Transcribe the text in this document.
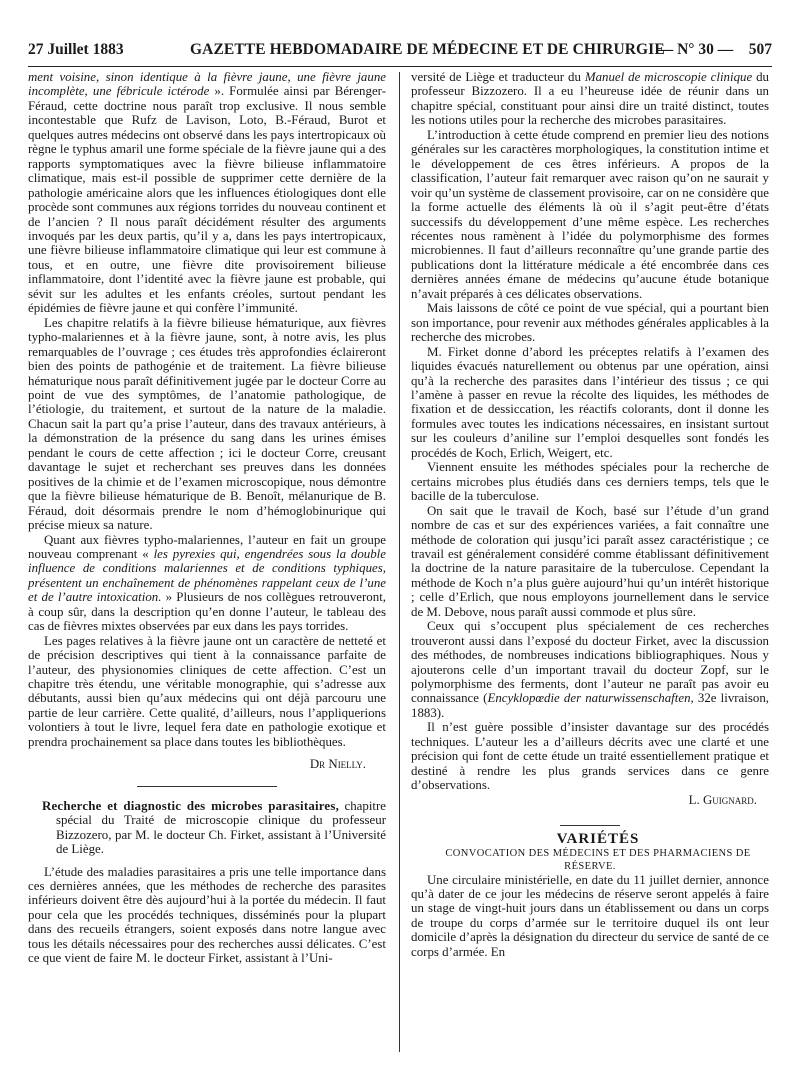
27 Juillet 1883	GAZETTE HEBDOMADAIRE DE MÉDECINE ET DE CHIRURGIE
— N° 30 — 507

ment voisine, sinon identique à la fièvre jaune, une fièvre jaune incomplète, une fébricule ictérode ». Formulée ainsi par Bérenger-Féraud, cette doctrine nous paraît trop exclusive. Il nous semble incontestable que Rufz de Lavison, Loto, B.-Féraud, Burot et quelques autres médecins ont observé dans les pays intertropicaux où règne le typhus amaril une forme spéciale de la fièvre jaune qui a des rapports symptomatiques avec la fièvre bilieuse inflammatoire climatique, mais est-il possible de supprimer cette dernière de la pathologie américaine alors que les influences étiologiques dont elle procède sont communes aux régions torrides du nouveau continent et de l’ancien ? Il nous paraît décidément résulter des arguments invoqués par les deux partis, qu’il y a, dans les pays intertropicaux, une fièvre bilieuse inflammatoire climatique qui leur est commune à tous, et en outre, une fièvre dite provisoirement bilieuse inflammatoire, dont l’identité avec la fièvre jaune est probable, qui sévit sur les adultes et les enfants créoles, surtout pendant les épidémies de fièvre jaune et qui confère l’immunité.

Les chapitre relatifs à la fièvre bilieuse hématurique, aux fièvres typho-malariennes et à la fièvre jaune, sont, à notre avis, les plus remarquables de l’ouvrage ; ces études très approfondies éclaireront bien des points de pathogénie et de traitement. La fièvre bilieuse hématurique nous paraît définitivement jugée par le docteur Corre au point de vue des symptômes, de l’anatomie pathologique, de l’étiologie, du traitement, et surtout de la nature de la maladie. Chacun sait la part qu’a prise l’auteur, dans des travaux antérieurs, à la démonstration de la présence du sang dans les urines émises pendant le cours de cette affection ; ici le docteur Corre, creusant davantage le sujet et recherchant ses preuves dans les données positives de la chimie et de l’examen microscopique, nous démontre que la fièvre bilieuse hématurique de B. Benoît, mélanurique de B. Féraud, doit désormais prendre le nom d’hémoglobinurique qui précise mieux sa nature.

Quant aux fièvres typho-malariennes, l’auteur en fait un groupe nouveau comprenant « les pyrexies qui, engendrées sous la double influence de conditions malariennes et de conditions typhiques, présentent un enchaînement de phénomènes rappelant ceux de l’une et de l’autre intoxication. » Plusieurs de nos collègues retrouveront, à coup sûr, dans la description qu’en donne l’auteur, le tableau des cas de fièvres mixtes observées par eux dans les pays torrides.

Les pages relatives à la fièvre jaune ont un caractère de netteté et de précision descriptives qui tient à la connaissance parfaite de l’auteur, des physionomies cliniques de cette affection. C’est un chapitre très étendu, une véritable monographie, qui s’adresse aux débutants, aussi bien qu’aux médecins qui ont déjà parcouru une partie de leur carrière. Cette qualité, d’ailleurs, nous l’appliquerions volontiers à tout le livre, lequel fera date en pathologie exotique et prendra prochainement sa place dans toutes les bibliothèques.

Dr Nielly.

Recherche et diagnostic des microbes parasitaires, chapitre spécial du Traité de microscopie clinique du professeur Bizzozero, par M. le docteur Ch. Firket, assistant à l’Université de Liège.

L’étude des maladies parasitaires a pris une telle importance dans ces dernières années, que les méthodes de recherche des parasites inférieurs doivent être dès aujourd’hui à la portée du médecin. Il faut pour cela que les procédés techniques, disséminés pour la plupart dans des recueils étrangers, soient exposés dans notre langue avec tous les détails nécessaires pour des recherches aussi délicates. C’est ce que vient de faire M. le docteur Firket, assistant à l’Uni-

versité de Liège et traducteur du Manuel de microscopie clinique du professeur Bizzozero. Il a eu l’heureuse idée de réunir dans un chapitre spécial, constituant pour ainsi dire un traité distinct, toutes les notions utiles pour la recherche des microbes parasitaires.

L’introduction à cette étude comprend en premier lieu des notions générales sur les caractères morphologiques, la constitution intime et le développement de ces êtres inférieurs. A propos de la classification, l’auteur fait remarquer avec raison qu’on ne saurait y voir qu’un système de classement provisoire, car on ne considère que la forme actuelle des éléments là où il s’agit peut-être d’états successifs du développement d’une même espèce. Les recherches récentes nous ramènent à l’idée du polymorphisme des formes microbiennes. Il faut d’ailleurs reconnaître qu’une grande partie des publications dont la littérature médicale a été encombrée dans ces dernières années émane de médecins qu’aucune étude botanique n’avait préparés à ces délicates observations.

Mais laissons de côté ce point de vue spécial, qui a pourtant bien son importance, pour revenir aux méthodes générales applicables à la recherche des microbes.

M. Firket donne d’abord les préceptes relatifs à l’examen des liquides évacués naturellement ou obtenus par une opération, ainsi qu’à la recherche des parasites dans l’intérieur des tissus ; ce qui l’amène à passer en revue la récolte des liquides, les méthodes de fixation et de dessiccation, les réactifs colorants, dont il donne les formules avec toutes les indications nécessaires, en insistant surtout sur les couleurs d’aniline sur l’emploi desquelles sont fondés les procédés de Koch, Erlich, Weigert, etc.

Viennent ensuite les méthodes spéciales pour la recherche de certains microbes plus étudiés dans ces derniers temps, tels que le bacille de la tuberculose.

On sait que le travail de Koch, basé sur l’étude d’un grand nombre de cas et sur des expériences variées, a fait connaître une méthode de coloration qui jusqu’ici paraît assez caractéristique ; ce travail est généralement considéré comme établissant définitivement la doctrine de la nature parasitaire de la tuberculose. Cependant la méthode de Koch n’a plus guère aujourd’hui qu’un intérêt historique ; celle d’Erlich, que nous employons journellement dans le service de M. Debove, nous paraît aussi commode et plus sûre.

Ceux qui s’occupent plus spécialement de ces recherches trouveront aussi dans l’exposé du docteur Firket, avec la discussion des méthodes, de nombreuses indications bibliographiques. Nous y ajouterons celle d’un important travail du docteur Zopf, sur le polymorphisme des ferments, dont l’auteur ne paraît pas avoir eu connaissance (Encyklopœdie der naturwissenschaften, 32e livraison, 1883).

Il n’est guère possible d’insister davantage sur des procédés techniques. L’auteur les a d’ailleurs décrits avec une clarté et une précision qui font de cette étude un traité essentiellement pratique et destiné à rendre les plus grands services dans ce genre d’observations.

L. Guignard.

VARIÉTÉS

CONVOCATION DES MÉDECINS ET DES PHARMACIENS DE RÉSERVE.

Une circulaire ministérielle, en date du 11 juillet dernier, annonce qu’à dater de ce jour les médecins de réserve seront appelés à faire un stage de vingt-huit jours dans un établissement ou dans un corps de troupe du corps d’armée sur le territoire duquel ils ont leur domicile d’après la désignation du directeur du service de santé de ce corps d’armée. En
